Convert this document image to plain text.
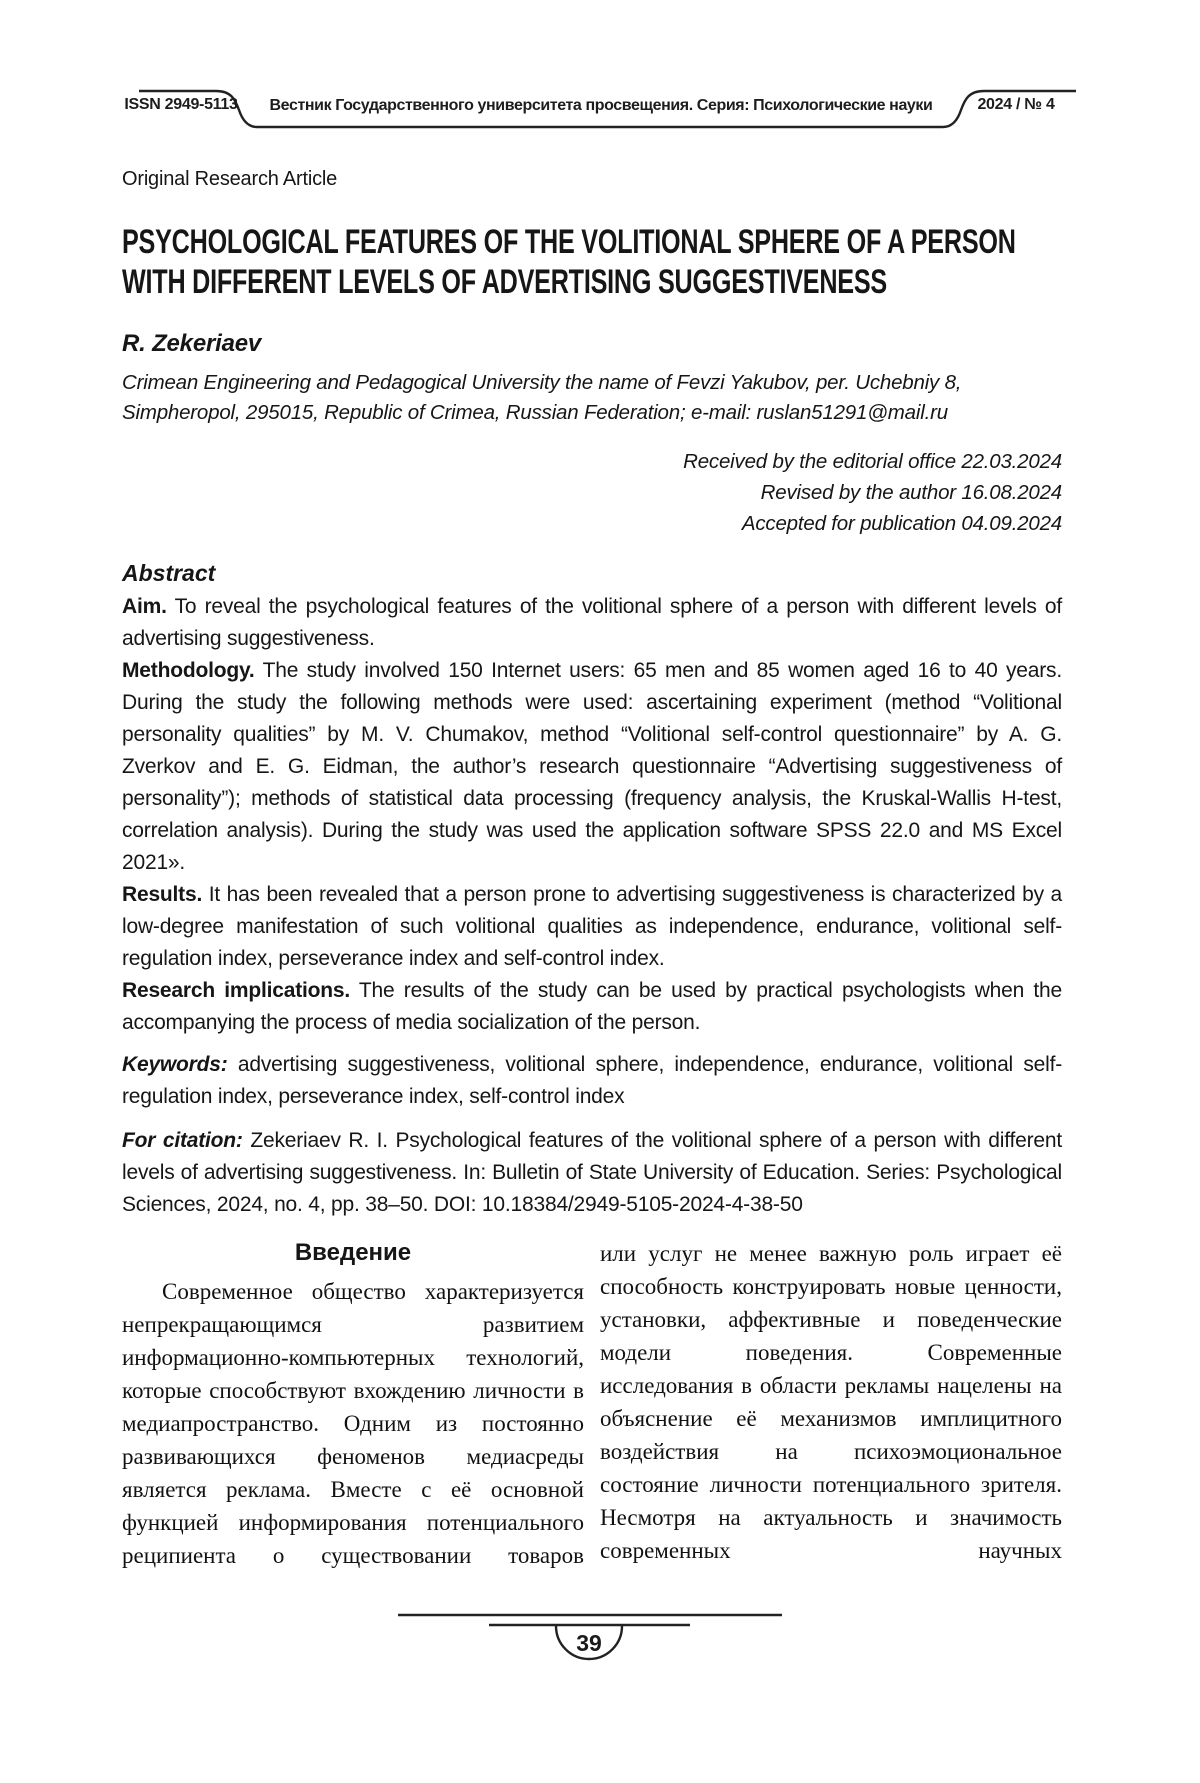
ISSN 2949-5113	Вестник Государственного университета просвещения. Серия: Психологические науки	2024 / № 4

Original Research Article

PSYCHOLOGICAL FEATURES OF THE VOLITIONAL SPHERE OF A PERSON
WITH DIFFERENT LEVELS OF ADVERTISING SUGGESTIVENESS

R. Zekeriaev

Crimean Engineering and Pedagogical University the name of Fevzi Yakubov, per. Uchebniy 8,
Simpheropol, 295015, Republic of Crimea, Russian Federation; e-mail: ruslan51291@mail.ru
Received by the editorial office 22.03.2024
Revised by the author 16.08.2024
Accepted for publication 04.09.2024

Abstract

Aim. To reveal the psychological features of the volitional sphere of a person with different levels of advertising suggestiveness.

Methodology. The study involved 150 Internet users: 65 men and 85 women aged 16 to 40 years. During the study the following methods were used: ascertaining experiment (method “Volitional personality qualities” by M. V. Chumakov, method “Volitional self-control questionnaire” by A. G. Zverkov and E. G. Eidman, the author’s research questionnaire “Advertising suggestiveness of personality”); methods of statistical data processing (frequency analysis, the Kruskal-Wallis H-test, correlation analysis). During the study was used the application software SPSS 22.0 and MS Excel 2021».

Results. It has been revealed that a person prone to advertising suggestiveness is characterized by a low-degree manifestation of such volitional qualities as independence, endurance, volitional self-regulation index, perseverance index and self-control index.

Research implications. The results of the study can be used by practical psychologists when the accompanying the process of media socialization of the person.

Keywords: advertising suggestiveness, volitional sphere, independence, endurance, volitional self-regulation index, perseverance index, self-control index

For citation: Zekeriaev R. I. Psychological features of the volitional sphere of a person with different levels of advertising suggestiveness. In: Bulletin of State University of Education. Series: Psychological Sciences, 2024, no. 4, pp. 38–50. DOI: 10.18384/2949-5105-2024-4-38-50

Введение

Современное общество характеризуется непрекращающимся развитием информационно-компьютерных технологий, которые способствуют вхождению личности в медиапространство. Одним из постоянно развивающихся феноменов медиасреды является реклама. Вместе с её основной функцией информирования потенциального реципиента о существовании товаров

или услуг не менее важную роль играет её способность конструировать новые ценности, установки, аффективные и поведенческие модели поведения. Современные исследования в области рекламы нацелены на объяснение её механизмов имплицитного воздействия на психоэмоциональное состояние личности потенциального зрителя. Несмотря на актуальность и значимость современных научных

39
